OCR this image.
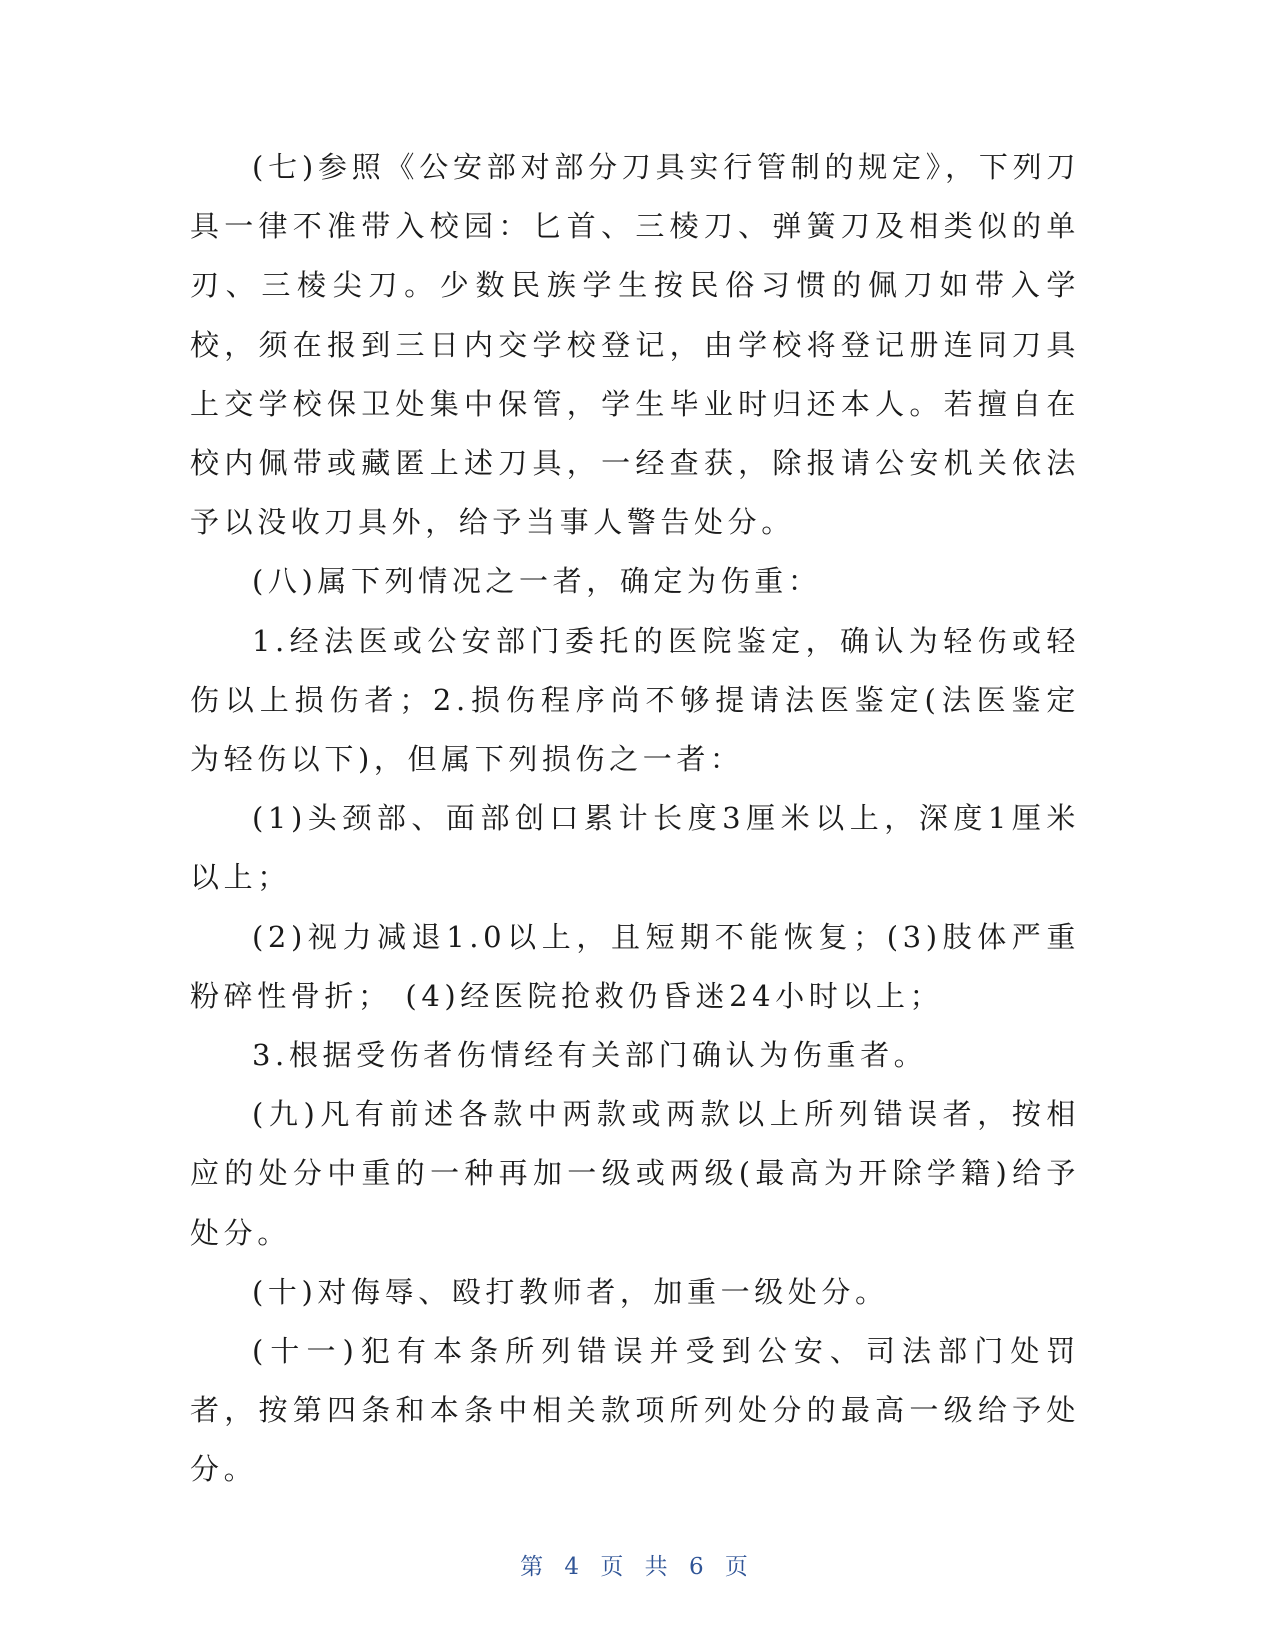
(七)参照《公安部对部分刀具实行管制的规定》，下列刀具一律不准带入校园：匕首、三棱刀、弹簧刀及相类似的单刃、三棱尖刀。少数民族学生按民俗习惯的佩刀如带入学校，须在报到三日内交学校登记，由学校将登记册连同刀具上交学校保卫处集中保管，学生毕业时归还本人。若擅自在校内佩带或藏匿上述刀具，一经查获，除报请公安机关依法予以没收刀具外，给予当事人警告处分。

(八)属下列情况之一者，确定为伤重：

1.经法医或公安部门委托的医院鉴定，确认为轻伤或轻伤以上损伤者；2.损伤程序尚不够提请法医鉴定(法医鉴定为轻伤以下)，但属下列损伤之一者：

(1)头颈部、面部创口累计长度3厘米以上，深度1厘米以上；

(2)视力减退1.0以上，且短期不能恢复；(3)肢体严重粉碎性骨折； (4)经医院抢救仍昏迷24小时以上；

3.根据受伤者伤情经有关部门确认为伤重者。

(九)凡有前述各款中两款或两款以上所列错误者，按相应的处分中重的一种再加一级或两级(最高为开除学籍)给予处分。

(十)对侮辱、殴打教师者，加重一级处分。

(十一)犯有本条所列错误并受到公安、司法部门处罚者，按第四条和本条中相关款项所列处分的最高一级给予处分。

第 4 页 共 6 页
